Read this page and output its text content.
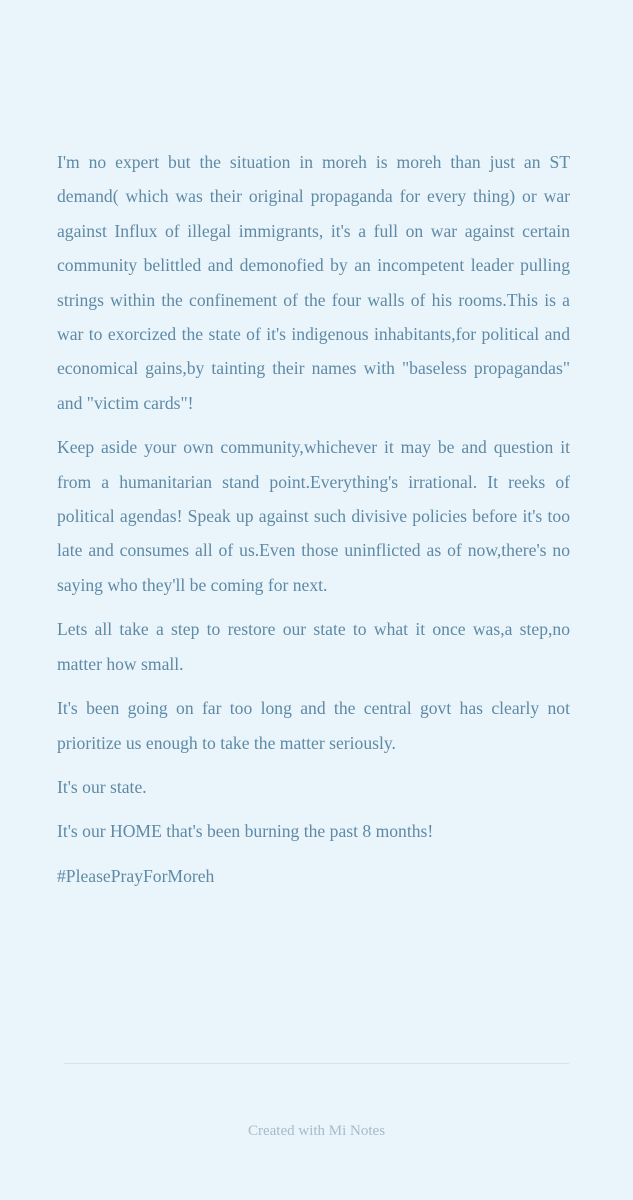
I'm no expert but the situation in moreh is moreh than just an ST demand( which was their original propaganda for every thing) or war against Influx of illegal immigrants, it's a full on war against certain community belittled and demonofied by an incompetent leader pulling strings within the confinement of the four walls of his rooms.This is a war to exorcized the state of it's indigenous inhabitants,for political and economical gains,by tainting their names with "baseless propagandas" and "victim cards"!

Keep aside your own community,whichever it may be and question it from a humanitarian stand point.Everything's irrational. It reeks of political agendas! Speak up against such divisive policies before it's too late and consumes all of us.Even those uninflicted as of now,there's no saying who they'll be coming for next.

Lets all take a step to restore our state to what it once was,a step,no matter how small.

It's been going on far too long and the central govt has clearly not prioritize us enough to take the matter seriously.

It's our state.

It's our HOME that's been burning the past 8 months!

#PleasePrayForMoreh

Created with Mi Notes
